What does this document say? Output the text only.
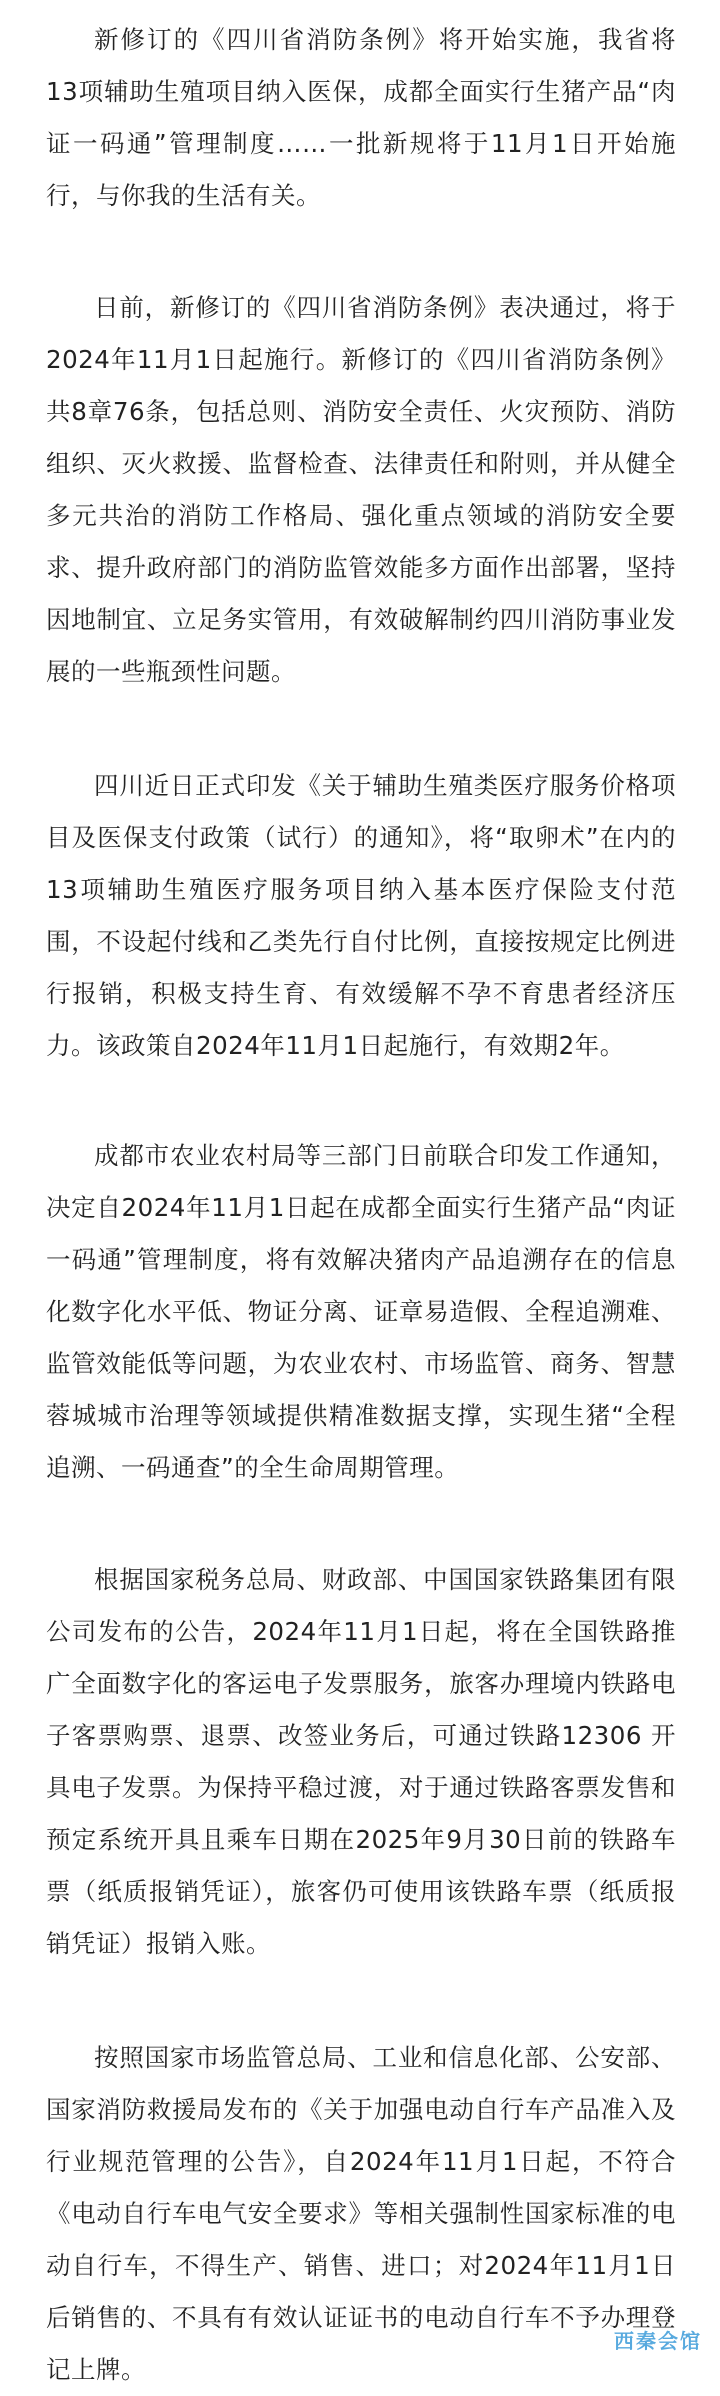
新修订的《四川省消防条例》将开始实施，我省将13项辅助生殖项目纳入医保，成都全面实行生猪产品“肉证一码通”管理制度……一批新规将于11月1日开始施行，与你我的生活有关。

日前，新修订的《四川省消防条例》表决通过，将于2024年11月1日起施行。新修订的《四川省消防条例》共8章76条，包括总则、消防安全责任、火灾预防、消防组织、灭火救援、监督检查、法律责任和附则，并从健全多元共治的消防工作格局、强化重点领域的消防安全要求、提升政府部门的消防监管效能多方面作出部署，坚持因地制宜、立足务实管用，有效破解制约四川消防事业发展的一些瓶颈性问题。

四川近日正式印发《关于辅助生殖类医疗服务价格项目及医保支付政策（试行）的通知》，将“取卵术”在内的13项辅助生殖医疗服务项目纳入基本医疗保险支付范围，不设起付线和乙类先行自付比例，直接按规定比例进行报销，积极支持生育、有效缓解不孕不育患者经济压力。该政策自2024年11月1日起施行，有效期2年。

成都市农业农村局等三部门日前联合印发工作通知，决定自2024年11月1日起在成都全面实行生猪产品“肉证一码通”管理制度，将有效解决猪肉产品追溯存在的信息化数字化水平低、物证分离、证章易造假、全程追溯难、监管效能低等问题，为农业农村、市场监管、商务、智慧蓉城城市治理等领域提供精准数据支撑，实现生猪“全程追溯、一码通查”的全生命周期管理。

根据国家税务总局、财政部、中国国家铁路集团有限公司发布的公告，2024年11月1日起，将在全国铁路推广全面数字化的客运电子发票服务，旅客办理境内铁路电子客票购票、退票、改签业务后，可通过铁路12306 开具电子发票。为保持平稳过渡，对于通过铁路客票发售和预定系统开具且乘车日期在2025年9月30日前的铁路车票（纸质报销凭证），旅客仍可使用该铁路车票（纸质报销凭证）报销入账。

按照国家市场监管总局、工业和信息化部、公安部、国家消防救援局发布的《关于加强电动自行车产品准入及行业规范管理的公告》，自2024年11月1日起，不符合《电动自行车电气安全要求》等相关强制性国家标准的电动自行车，不得生产、销售、进口；对2024年11月1日后销售的、不具有有效认证证书的电动自行车不予办理登记上牌。

西秦会馆
